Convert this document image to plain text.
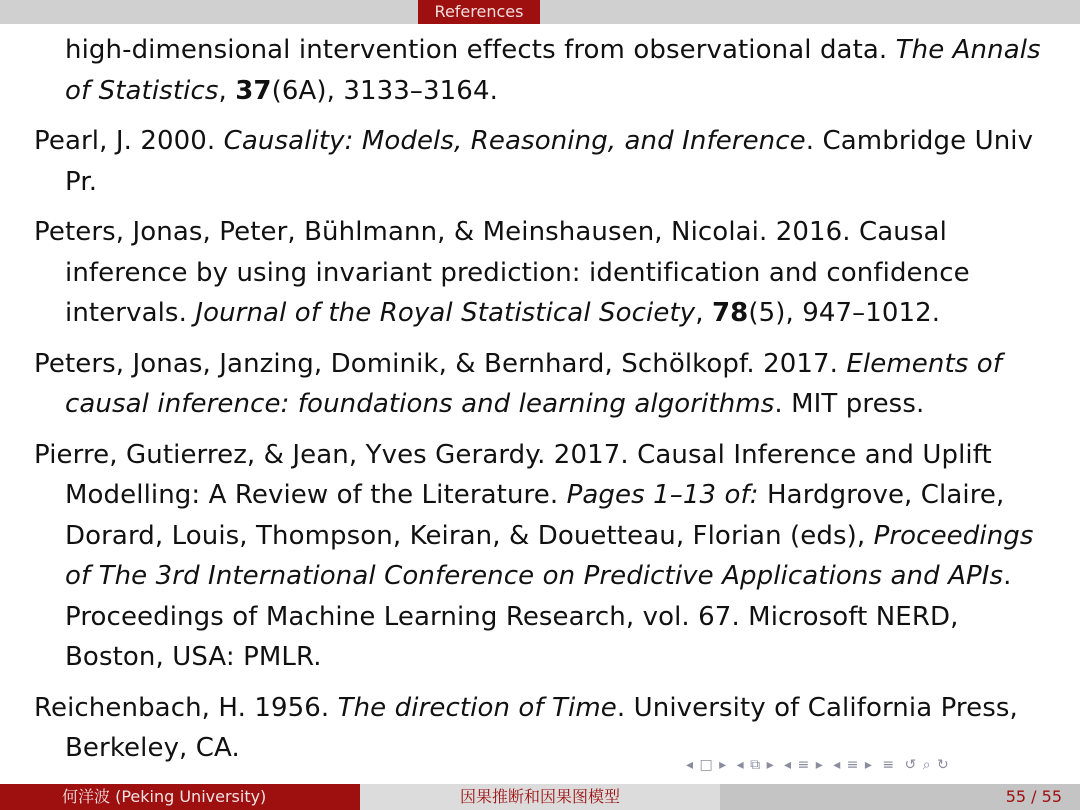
References
high-dimensional intervention effects from observational data. The Annals of Statistics, 37(6A), 3133–3164.
Pearl, J. 2000. Causality: Models, Reasoning, and Inference. Cambridge Univ Pr.
Peters, Jonas, Peter, Bühlmann, & Meinshausen, Nicolai. 2016. Causal inference by using invariant prediction: identification and confidence intervals. Journal of the Royal Statistical Society, 78(5), 947–1012.
Peters, Jonas, Janzing, Dominik, & Bernhard, Schölkopf. 2017. Elements of causal inference: foundations and learning algorithms. MIT press.
Pierre, Gutierrez, & Jean, Yves Gerardy. 2017. Causal Inference and Uplift Modelling: A Review of the Literature. Pages 1–13 of: Hardgrove, Claire, Dorard, Louis, Thompson, Keiran, & Douetteau, Florian (eds), Proceedings of The 3rd International Conference on Predictive Applications and APIs. Proceedings of Machine Learning Research, vol. 67. Microsoft NERD, Boston, USA: PMLR.
Reichenbach, H. 1956. The direction of Time. University of California Press, Berkeley, CA.
◂ □ ▸ ◂ ⧉ ▸ ◂ ≡ ▸ ◂ ≡ ▸ ≡ ↺ ⌕ ↻
何洋波 (Peking University)	因果推断和因果图模型	55 / 55
